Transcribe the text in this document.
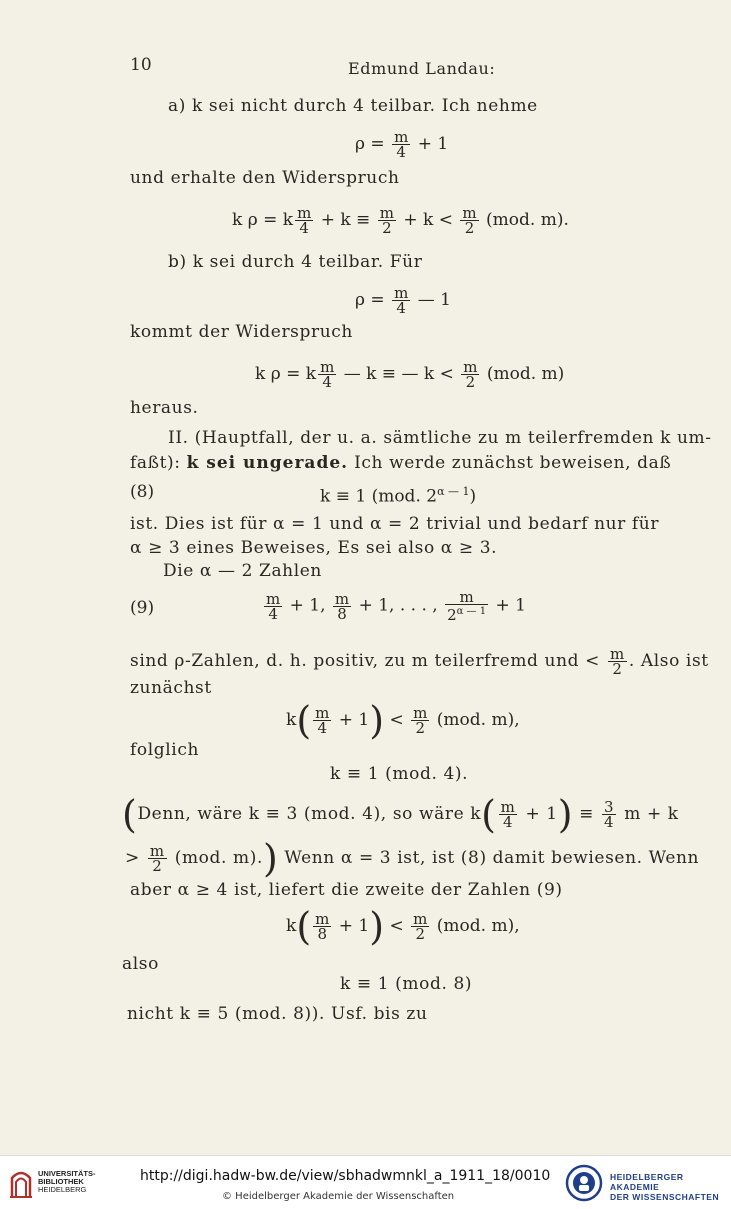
10	Edmund Landau:
a) k sei nicht durch 4 teilbar. Ich nehme
$\rho = \frac{m}{4} + 1$
und erhalte den Widerspruch
k ρ = k $\frac{m}{4} + k \equiv \frac{m}{2} + k < \frac{m}{2} (mod$. m).
b) k sei durch 4 teilbar. Für
$\rho = \frac{m}{4}$ — 1
kommt der Widerspruch
k ρ = k $\frac{m}{4}$ — k ≡ — $k < \frac{m}{2} (mod$. m)
heraus.
II. (Hauptfall, der u. a. sämtliche zu m teilerfremden k um-
faßt): k sei ungerade. Ich werde zunächst beweisen, daß
(8)	k ≡ 1 (mod. $2^{\alpha — 1}$)
ist. Dies ist für α = 1 und α = 2 trivial und bedarf nur für
α ≥ 3 eines Beweises, Es sei also α ≥ 3.
Die α — 2 Zahlen
(9)	$\frac{m}{4} + 1$, $\frac{m}{8} + 1$, . . . , $\frac{m}{2^{\alpha — 1}} + 1$
sind ρ-Zahlen, d. h. positiv, zu m teilerfremd und < $\frac{m}{2}$ . Also ist
zunächst
$k( \frac{m}{4} + 1) < \frac{m}{2} (mod$. m),
folglich
k ≡ 1 (mod. 4).
(Denn, wäre k ≡ 3 (mod. 4), so wäre $k( \frac{m}{4} + 1) \equiv \frac{3}{4}$ m + k
> $\frac{m}{2} (mod$. m).) Wenn α = 3 ist, ist (8) damit bewiesen. Wenn
aber α ≥ 4 ist, liefert die zweite der Zahlen (9)
$k( \frac{m}{8} + 1) < \frac{m}{2} (mod$. m),
also
k ≡ 1 (mod. 8)
nicht k ≡ 5 (mod. 8)). Usf. bis zu
UNIVERSITÄTS-
BIBLIOTHEK
HEIDELBERG
http://digi.hadw-bw.de/view/sbhadwmnkl_a_1911_18/0010
© Heidelberger Akademie der Wissenschaften
HEIDELBERGER AKADEMIE
DER WISSENSCHAFTEN
